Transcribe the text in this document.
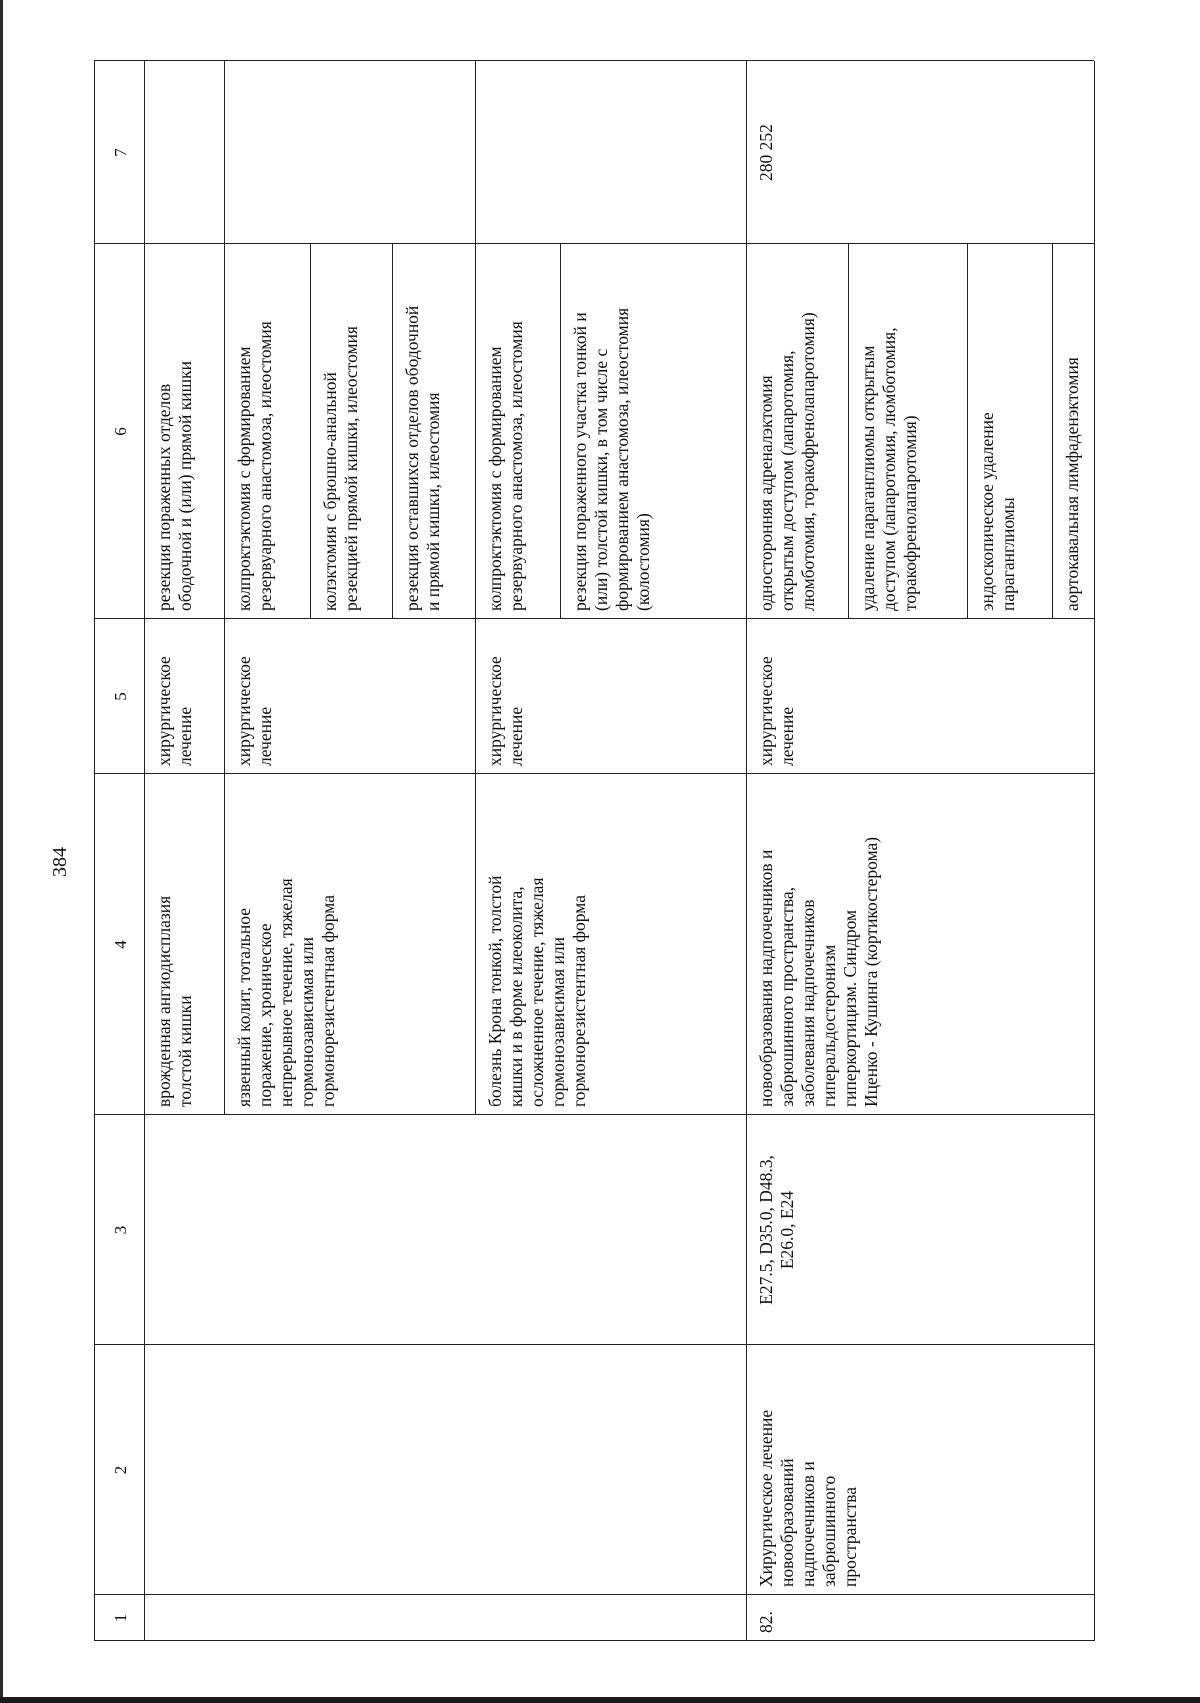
384
1
2
3
4
5
6
7
врожденная ангиодисплазия
толстой кишки
хирургическое
лечение
резекция пораженных отделов
ободочной и (или) прямой кишки
язвенный колит, тотальное
поражение, хроническое
непрерывное течение, тяжелая
гормонозависимая или
гормонорезистентная форма
хирургическое
лечение
колпроктэктомия с формированием
резервуарного анастомоза, илеостомия
колэктомия с брюшно-анальной
резекцией прямой кишки, илеостомия
резекция оставшихся отделов ободочной
и прямой кишки, илеостомия
болезнь Крона тонкой, толстой
кишки и в форме илеоколита,
осложненное течение, тяжелая
гормонозависимая или
гормонорезистентная форма
хирургическое
лечение
колпроктэктомия с формированием
резервуарного анастомоза, илеостомия
резекция пораженного участка тонкой и
(или) толстой кишки, в том числе с
формированием анастомоза, илеостомия
(колостомия)
82.
Хирургическое лечение
новообразований
надпочечников и
забрюшинного
пространства
E27.5, D35.0, D48.3,
E26.0, E24
новообразования надпочечников и
забрюшинного пространства,
заболевания надпочечников
гиперальдостеронизм
гиперкортицизм. Синдром
Иценко - Кушинга (кортикостерома)
хирургическое
лечение
односторонняя адреналэктомия
открытым доступом (лапаротомия,
люмботомия, торакофренолапаротомия)
удаление параганглиомы открытым
доступом (лапаротомия, люмботомия,
торакофренолапаротомия)	эндоскопическое удаление
параганглиомы	аортокавальная лимфаденэктомия
280 252
